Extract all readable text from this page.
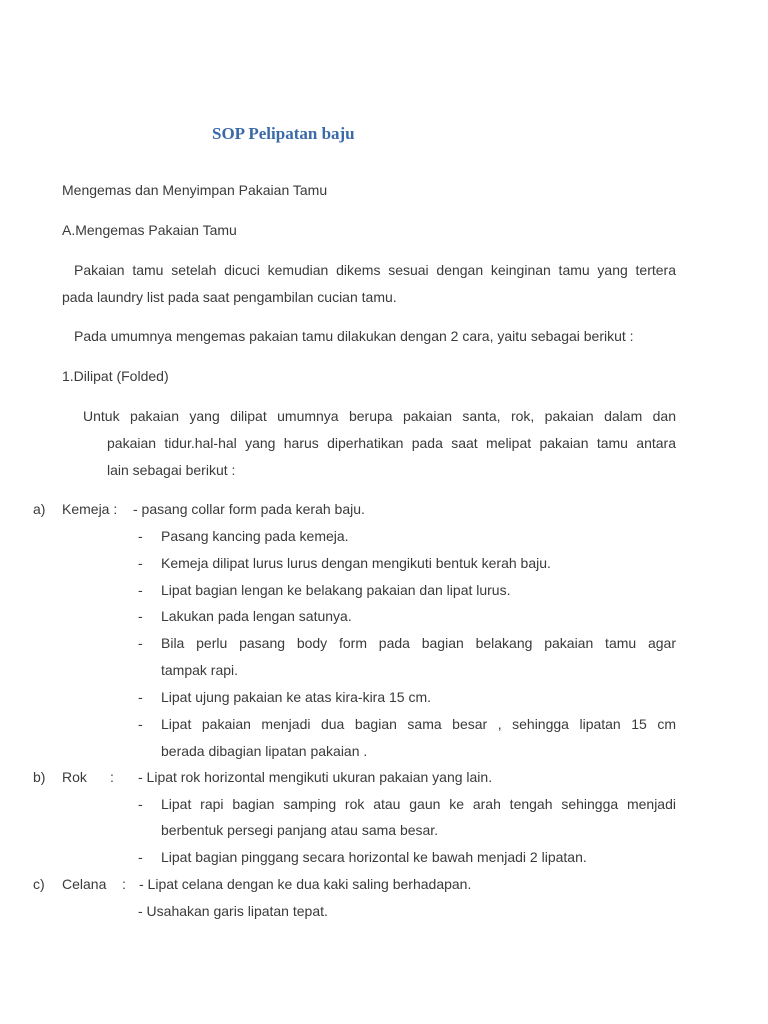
SOP Pelipatan baju
Mengemas dan Menyimpan Pakaian Tamu
A.Mengemas Pakaian Tamu
Pakaian tamu setelah dicuci kemudian dikems sesuai dengan keinginan tamu yang tertera
pada laundry list pada saat pengambilan cucian tamu.
Pada umumnya mengemas pakaian tamu dilakukan dengan 2 cara, yaitu sebagai berikut :
1.Dilipat (Folded)
Untuk pakaian yang dilipat umumnya berupa pakaian santa, rok, pakaian dalam dan
pakaian tidur.hal-hal yang harus diperhatikan pada saat melipat pakaian tamu antara
lain sebagai berikut :
a) Kemeja : - pasang collar form pada kerah baju.
- Pasang kancing pada kemeja.
- Kemeja dilipat lurus lurus dengan mengikuti bentuk kerah baju.
- Lipat bagian lengan ke belakang pakaian dan lipat lurus.
- Lakukan pada lengan satunya.
- Bila perlu pasang body form pada bagian belakang pakaian tamu agar
tampak rapi.
- Lipat ujung pakaian ke atas kira-kira 15 cm.
- Lipat pakaian menjadi dua bagian sama besar , sehingga lipatan 15 cm
berada dibagian lipatan pakaian .
b) Rok : - Lipat rok horizontal mengikuti ukuran pakaian yang lain.
- Lipat rapi bagian samping rok atau gaun ke arah tengah sehingga menjadi
berbentuk persegi panjang atau sama besar.
- Lipat bagian pinggang secara horizontal ke bawah menjadi 2 lipatan.
c) Celana : - Lipat celana dengan ke dua kaki saling berhadapan.
- Usahakan garis lipatan tepat.
